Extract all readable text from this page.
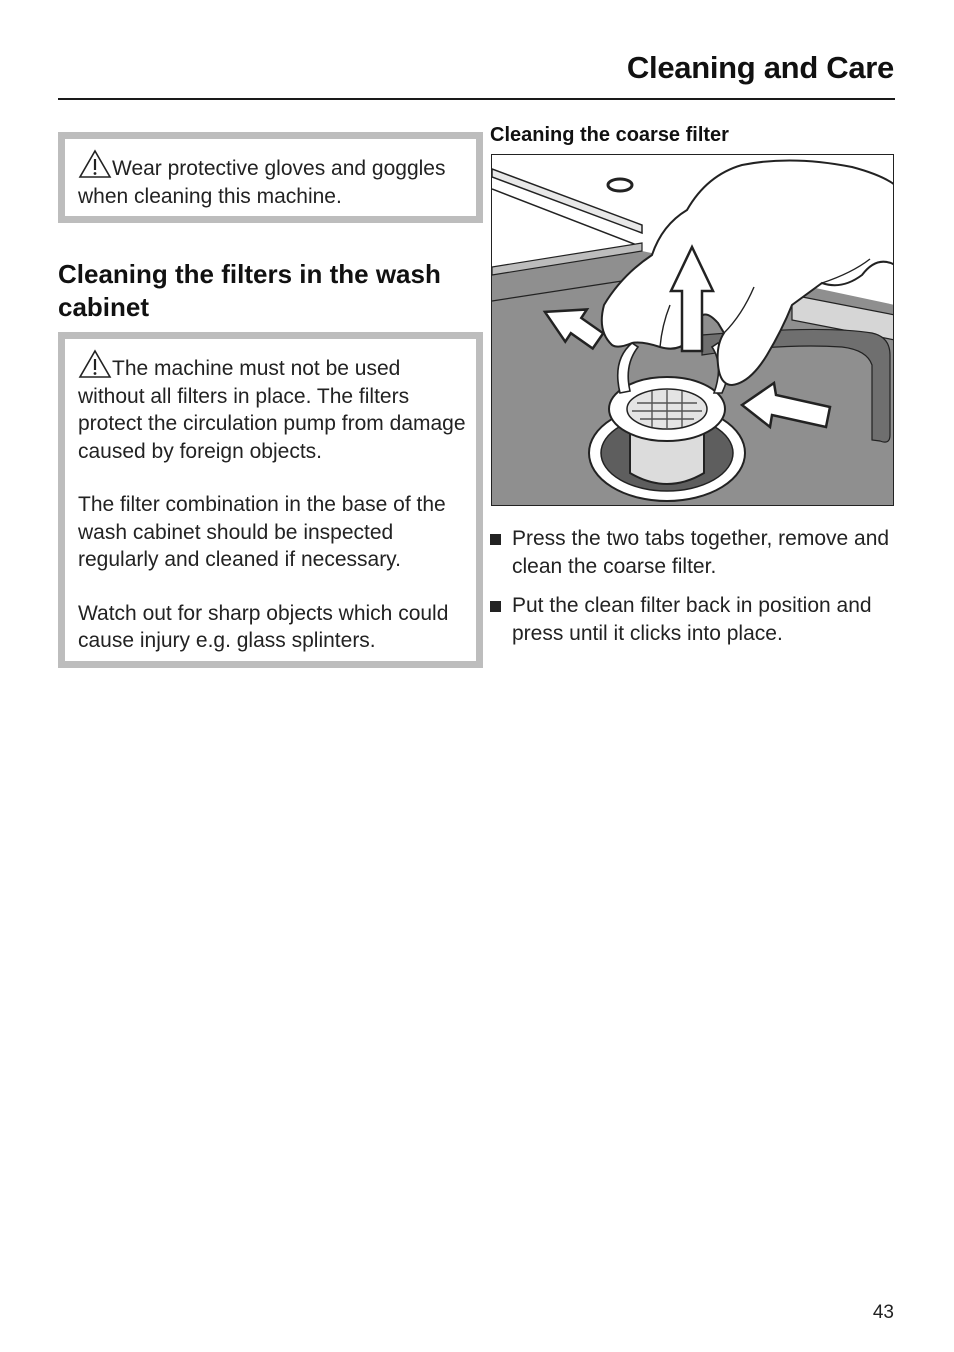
Cleaning and Care

Wear protective gloves and goggles when cleaning this machine.

Cleaning the filters in the wash cabinet

The machine must not be used without all filters in place. The filters protect the circulation pump from damage caused by foreign objects.

The filter combination in the base of the wash cabinet should be inspected regularly and cleaned if necessary.

Watch out for sharp objects which could cause injury e.g. glass splinters.

Cleaning the coarse filter
Press the two tabs together, remove and clean the coarse filter.
Put the clean filter back in position and press until it clicks into place.
43
